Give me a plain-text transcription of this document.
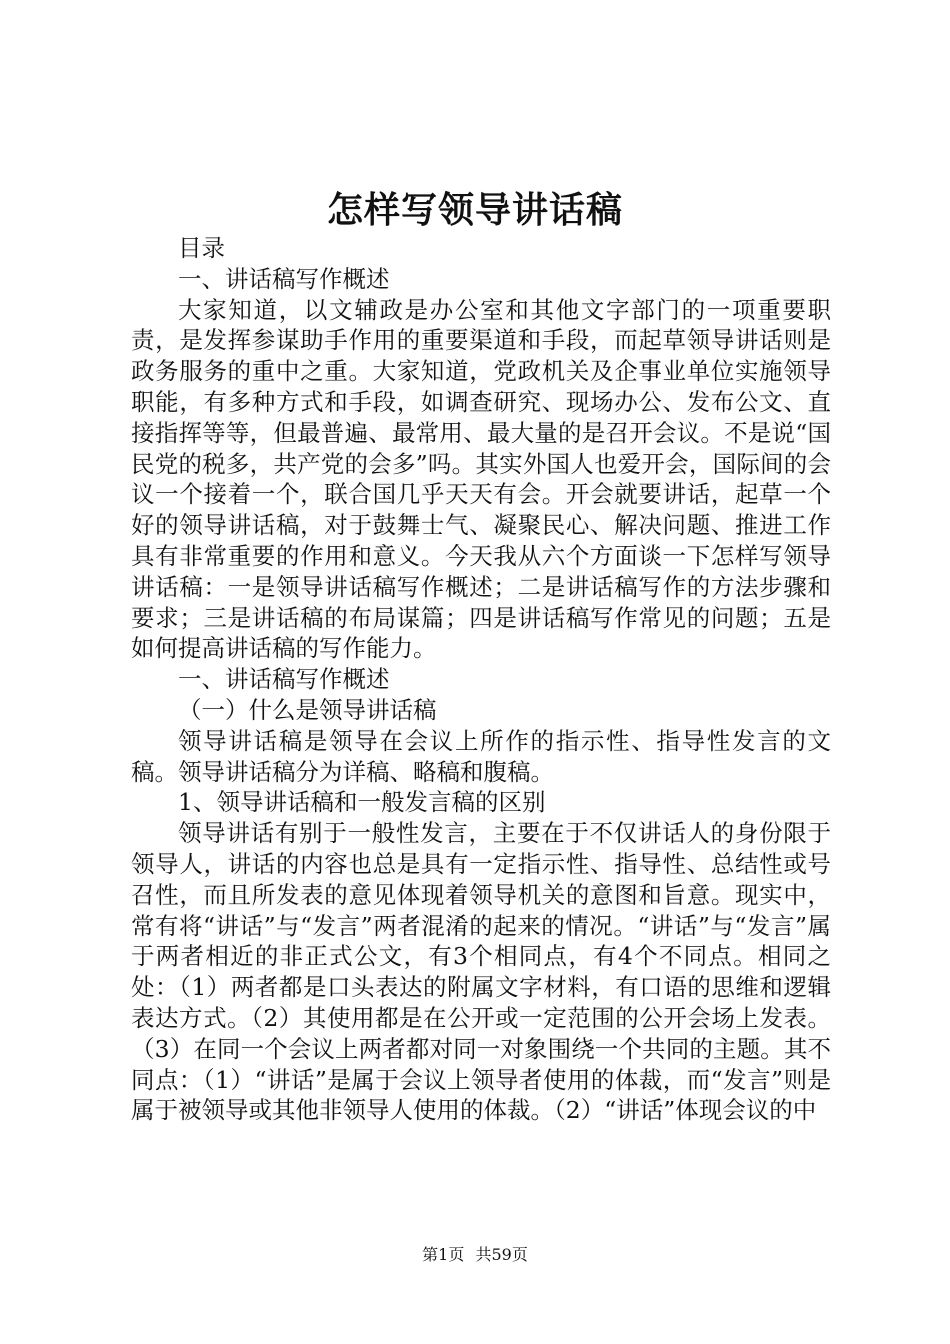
怎样写领导讲话稿

目录

一、讲话稿写作概述

大家知道，以文辅政是办公室和其他文字部门的一项重要职责，是发挥参谋助手作用的重要渠道和手段，而起草领导讲话则是政务服务的重中之重。大家知道，党政机关及企事业单位实施领导职能，有多种方式和手段，如调查研究、现场办公、发布公文、直接指挥等等，但最普遍、最常用、最大量的是召开会议。不是说“国民党的税多，共产党的会多”吗。其实外国人也爱开会，国际间的会议一个接着一个，联合国几乎天天有会。开会就要讲话，起草一个好的领导讲话稿，对于鼓舞士气、凝聚民心、解决问题、推进工作具有非常重要的作用和意义。今天我从六个方面谈一下怎样写领导讲话稿：一是领导讲话稿写作概述；二是讲话稿写作的方法步骤和要求；三是讲话稿的布局谋篇；四是讲话稿写作常见的问题；五是如何提高讲话稿的写作能力。

一、讲话稿写作概述

（一）什么是领导讲话稿

领导讲话稿是领导在会议上所作的指示性、指导性发言的文稿。领导讲话稿分为详稿、略稿和腹稿。

1、领导讲话稿和一般发言稿的区别

领导讲话有别于一般性发言，主要在于不仅讲话人的身份限于领导人，讲话的内容也总是具有一定指示性、指导性、总结性或号召性，而且所发表的意见体现着领导机关的意图和旨意。现实中，常有将“讲话”与“发言”两者混淆的起来的情况。“讲话”与“发言”属于两者相近的非正式公文，有3个相同点，有4个不同点。相同之处：（1）两者都是口头表达的附属文字材料，有口语的思维和逻辑表达方式。（2）其使用都是在公开或一定范围的公开会场上发表。（3）在同一个会议上两者都对同一对象围绕一个共同的主题。其不同点：（1）“讲话”是属于会议上领导者使用的体裁，而“发言”则是属于被领导或其他非领导人使用的体裁。（2）“讲话”体现会议的中

第1页 共59页
